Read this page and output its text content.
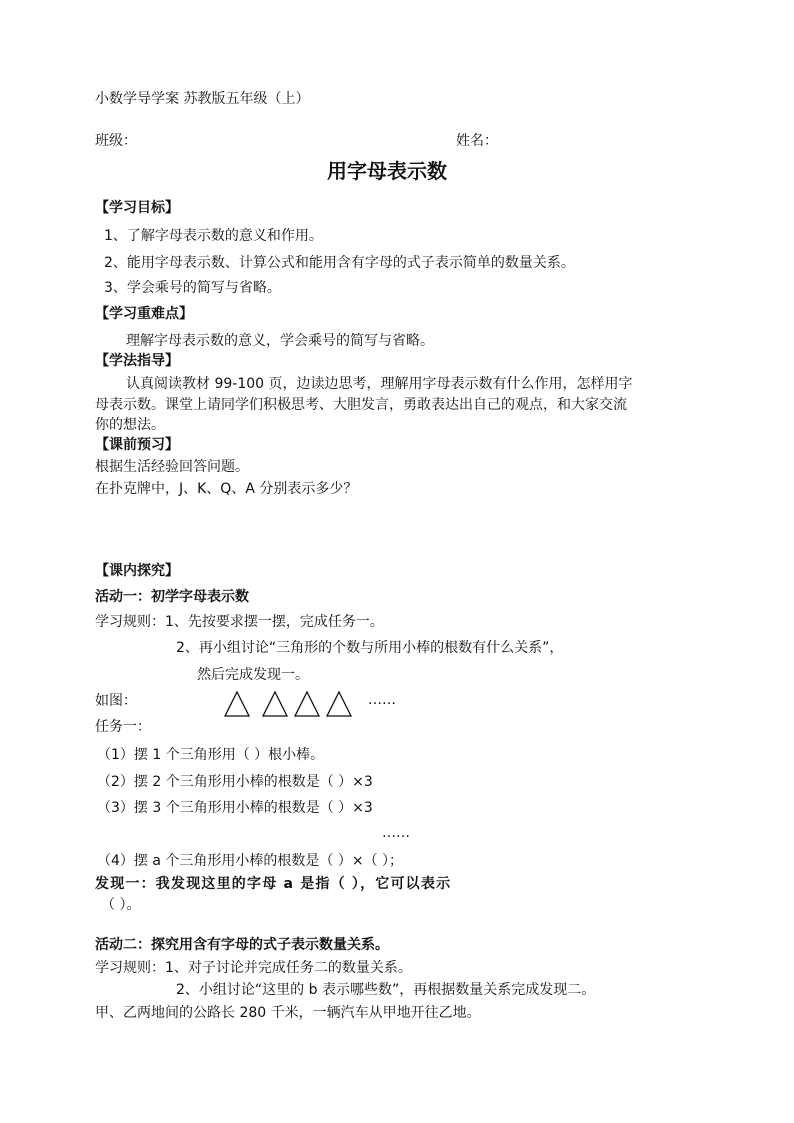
小数学导学案 苏教版五年级（上）
班级：	姓名：
用字母表示数
【学习目标】
1、了解字母表示数的意义和作用。
2、能用字母表示数、计算公式和能用含有字母的式子表示简单的数量关系。
3、学会乘号的简写与省略。
【学习重难点】
理解字母表示数的意义，学会乘号的简写与省略。
【学法指导】
认真阅读教材 99-100 页，边读边思考，理解用字母表示数有什么作用，怎样用字
母表示数。课堂上请同学们积极思考、大胆发言，勇敢表达出自己的观点，和大家交流
你的想法。
【课前预习】
根据生活经验回答问题。
在扑克牌中，J、K、Q、A 分别表示多少？
【课内探究】
活动一：初学字母表示数
学习规则：1、先按要求摆一摆，完成任务一。
2、再小组讨论“三角形的个数与所用小棒的根数有什么关系”，
然后完成发现一。
如图：	……
任务一：
（1）摆 1 个三角形用（ ）根小棒。
（2）摆 2 个三角形用小棒的根数是（ ）×3
（3）摆 3 个三角形用小棒的根数是（ ）×3
……
（4）摆 a 个三角形用小棒的根数是（ ）×（ ）；
发现一：我发现这里的字母 a 是指（ ），它可以表示
（ ）。
活动二：探究用含有字母的式子表示数量关系。
学习规则：1、对子讨论并完成任务二的数量关系。
2、小组讨论“这里的 b 表示哪些数”，再根据数量关系完成发现二。
甲、乙两地间的公路长 280 千米，一辆汽车从甲地开往乙地。
